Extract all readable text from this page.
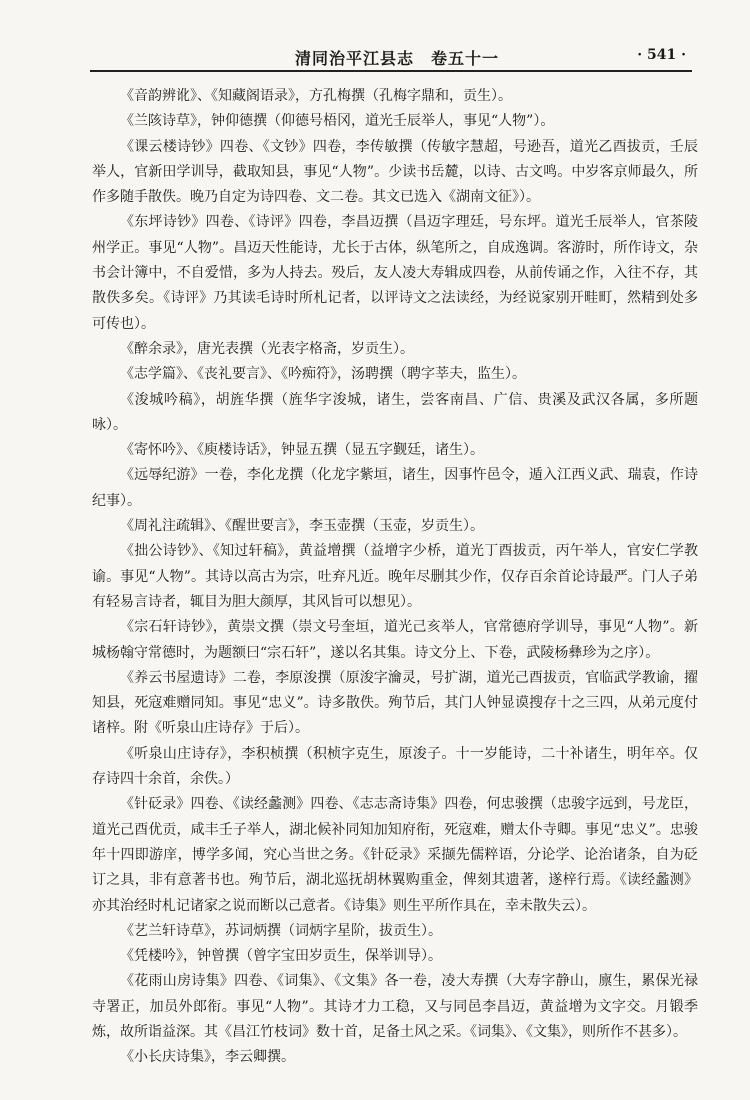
清同治平江县志　卷五十一	· 541 ·

《音韵辨讹》、《知藏阁语录》，方孔梅撰（孔梅字鼎和，贡生）。

《兰陔诗草》，钟仰德撰（仰德号梧冈，道光壬辰举人，事见“人物”）。

《课云楼诗钞》四卷、《文钞》四卷，李传敏撰（传敏字慧超，号逊吾，道光乙酉拔贡，壬辰举人，官新田学训导，截取知县，事见“人物”。少读书岳麓，以诗、古文鸣。中岁客京师最久，所作多随手散佚。晚乃自定为诗四卷、文二卷。其文已选入《湖南文征》）。

《东坪诗钞》四卷、《诗评》四卷，李昌迈撰（昌迈字理廷，号东坪。道光壬辰举人，官茶陵州学正。事见“人物”。昌迈天性能诗，尤长于古体，纵笔所之，自成逸调。客游时，所作诗文，杂书会计簿中，不自爱惜，多为人持去。殁后，友人凌大寿辑成四卷，从前传诵之作，入往不存，其散佚多矣。《诗评》乃其读毛诗时所札记者，以评诗文之法读经，为经说家别开畦町，然精到处多可传也）。

《醉余录》，唐光表撰（光表字格斋，岁贡生）。

《志学篇》、《丧礼要言》、《吟痴符》，汤聘撰（聘字莘夫，监生）。

《浚城吟稿》，胡旌华撰（旌华字浚城，诸生，尝客南昌、广信、贵溪及武汉各属，多所题咏）。

《寄怀吟》、《庾楼诗话》，钟显五撰（显五字觐廷，诸生）。

《远辱纪游》一卷，李化龙撰（化龙字紫垣，诸生，因事忤邑令，遁入江西义武、瑞袁，作诗纪事）。

《周礼注疏辑》、《醒世要言》，李玉壶撰（玉壶，岁贡生）。

《拙公诗钞》、《知过轩稿》，黄益增撰（益增字少桥，道光丁酉拔贡，丙午举人，官安仁学教谕。事见“人物”。其诗以高古为宗，吐弃凡近。晚年尽删其少作，仅存百余首论诗最严。门人子弟有轻易言诗者，辄目为胆大颜厚，其风旨可以想见）。

《宗石轩诗钞》，黄崇文撰（崇文号奎垣，道光己亥举人，官常德府学训导，事见“人物”。新城杨翰守常德时，为题额曰“宗石轩”，遂以名其集。诗文分上、下卷，武陵杨彝珍为之序）。

《养云书屋遗诗》二卷，李原浚撰（原浚字瀹灵，号扩湖，道光己酉拔贡，官临武学教谕，擢知县，死寇难赠同知。事见“忠义”。诗多散佚。殉节后，其门人钟显谟搜存十之三四，从弟元度付诸梓。附《听泉山庄诗存》于后）。

《听泉山庄诗存》，李积桢撰（积桢字克生，原浚子。十一岁能诗，二十补诸生，明年卒。仅存诗四十余首，余佚。）

《针砭录》四卷、《读经蠡测》四卷、《志志斋诗集》四卷，何忠骏撰（忠骏字远到，号龙臣，道光己酉优贡，咸丰壬子举人，湖北候补同知加知府衔，死寇难，赠太仆寺卿。事见“忠义”。忠骏年十四即游庠，博学多闻，究心当世之务。《针砭录》采撷先儒粹语，分论学、论治诸条，自为砭订之具，非有意著书也。殉节后，湖北巡抚胡林翼购重金，俾刻其遗著，遂梓行焉。《读经蠡测》亦其治经时札记诸家之说而断以己意者。《诗集》则生平所作具在，幸未散失云）。

《艺兰轩诗草》，苏词炳撰（词炳字星阶，拔贡生）。

《凭楼吟》，钟曾撰（曾字宝田岁贡生，保举训导）。

《花雨山房诗集》四卷、《词集》、《文集》各一卷，凌大寿撰（大寿字静山，廪生，累保光禄寺署正，加员外郎衔。事见“人物”。其诗才力工稳，又与同邑李昌迈，黄益增为文字交。月锻季炼，故所诣益深。其《昌江竹枝词》数十首，足备土风之采。《词集》、《文集》，则所作不甚多）。

《小长庆诗集》，李云卿撰。
